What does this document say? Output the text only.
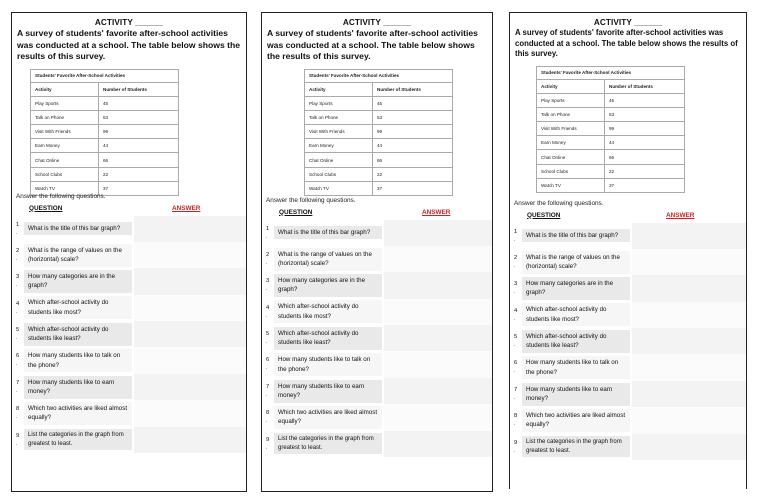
ACTIVITY ______
A survey of students' favorite after-school activities was conducted at a school. The table below shows the results of this survey.
Students' Favorite After-School Activities	
Activity	Number of Students
Play Sports	45
Talk on Phone	53
Visit With Friends	99
Earn Money	44
Chat Online	66
School Clubs	22
Watch TV	37
Answer the following questions.
QUESTION	ANSWER
1
.
What is the title of this bar graph?
2
.
What is the range of values on the (horizontal) scale?
3
.
How many categories are in the graph?
4
.
Which after-school activity do students like most?
5
.
Which after-school activity do students like least?
6
.
How many students like to talk on the phone?
7
.
How many students like to earn money?
8
.
Which two activities are liked almost equally?
9
.
List the categories in the graph from greatest to least.
ACTIVITY ______
A survey of students' favorite after-school activities was conducted at a school. The table below shows the results of this survey.
Students' Favorite After-School Activities	
Activity	Number of Students
Play Sports	45
Talk on Phone	53
Visit With Friends	99
Earn Money	44
Chat Online	66
School Clubs	22
Watch TV	37
Answer the following questions.
QUESTION	ANSWER
1
.
What is the title of this bar graph?
2
.
What is the range of values on the (horizontal) scale?
3
.
How many categories are in the graph?
4
.
Which after-school activity do students like most?
5
.
Which after-school activity do students like least?
6
.
How many students like to talk on the phone?
7
.
How many students like to earn money?
8
.
Which two activities are liked almost equally?
9
.
List the categories in the graph from greatest to least.
ACTIVITY ______
A survey of students' favorite after-school activities was conducted at a school. The table below shows the results of this survey.
Students' Favorite After-School Activities	
Activity	Number of Students
Play Sports	45
Talk on Phone	53
Visit With Friends	99
Earn Money	44
Chat Online	66
School Clubs	22
Watch TV	37
Answer the following questions.
QUESTION	ANSWER
1
.
What is the title of this bar graph?
2
.
What is the range of values on the (horizontal) scale?
3
.
How many categories are in the graph?
4
.
Which after-school activity do students like most?
5
.
Which after-school activity do students like least?
6
.
How many students like to talk on the phone?
7
.
How many students like to earn money?
8
.
Which two activities are liked almost equally?
9
.
List the categories in the graph from greatest to least.
